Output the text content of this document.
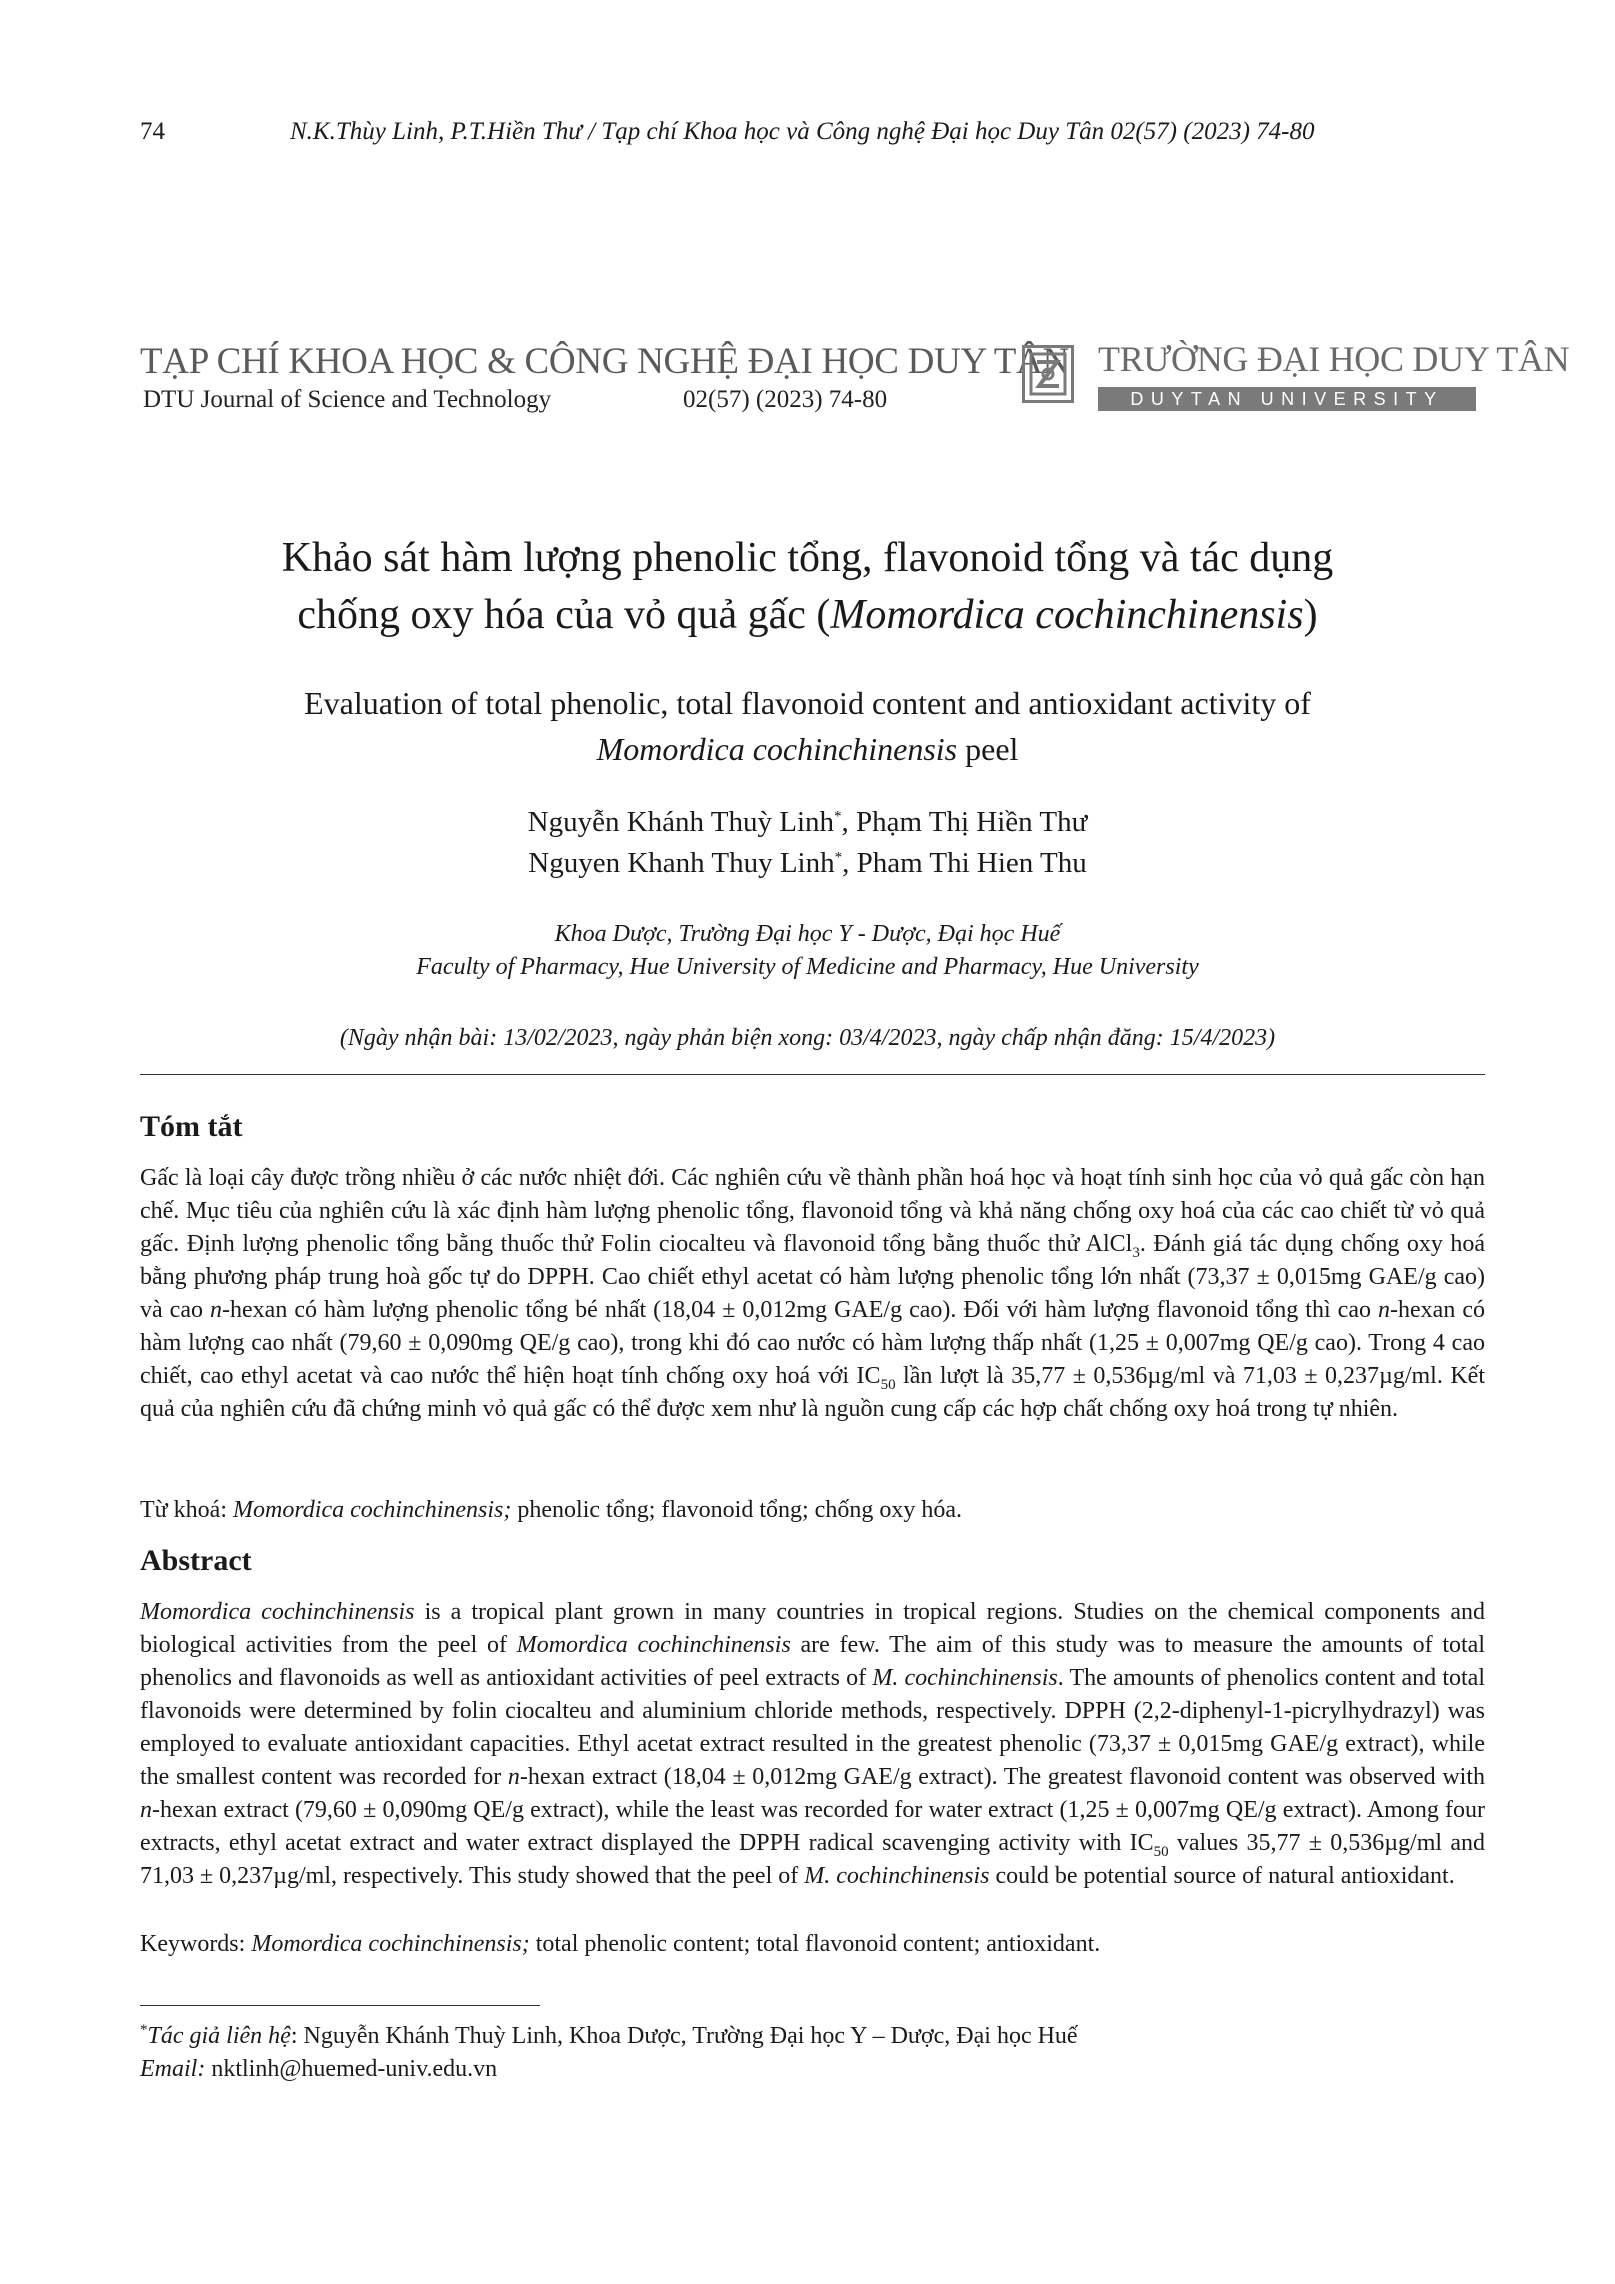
74	N.K.Thùy Linh, P.T.Hiền Thư / Tạp chí Khoa học và Công nghệ Đại học Duy Tân 02(57) (2023) 74-80
TẠP CHÍ KHOA HỌC & CÔNG NGHỆ ĐẠI HỌC DUY TÂN
DTU Journal of Science and Technology	02(57) (2023) 74-80
TRƯỜNG ĐẠI HỌC DUY TÂN
DUYTAN UNIVERSITY
Khảo sát hàm lượng phenolic tổng, flavonoid tổng và tác dụng
chống oxy hóa của vỏ quả gấc (Momordica cochinchinensis)
Evaluation of total phenolic, total flavonoid content and antioxidant activity of
Momordica cochinchinensis peel
Nguyễn Khánh Thuỳ Linh*, Phạm Thị Hiền Thư
Nguyen Khanh Thuy Linh*, Pham Thi Hien Thu
Khoa Dược, Trường Đại học Y - Dược, Đại học Huế
Faculty of Pharmacy, Hue University of Medicine and Pharmacy, Hue University
(Ngày nhận bài: 13/02/2023, ngày phản biện xong: 03/4/2023, ngày chấp nhận đăng: 15/4/2023)
Tóm tắt

Gấc là loại cây được trồng nhiều ở các nước nhiệt đới. Các nghiên cứu về thành phần hoá học và hoạt tính sinh học của vỏ quả gấc còn hạn chế. Mục tiêu của nghiên cứu là xác định hàm lượng phenolic tổng, flavonoid tổng và khả năng chống oxy hoá của các cao chiết từ vỏ quả gấc. Định lượng phenolic tổng bằng thuốc thử Folin ciocalteu và flavonoid tổng bằng thuốc thử AlCl$_3$. Đánh giá tác dụng chống oxy hoá bằng phương pháp trung hoà gốc tự do DPPH. Cao chiết ethyl acetat có hàm lượng phenolic tổng lớn nhất (73,37 ± 0,015mg GAE/g cao) và cao n-hexan có hàm lượng phenolic tổng bé nhất (18,04 ± 0,012mg GAE/g cao). Đối với hàm lượng flavonoid tổng thì cao n-hexan có hàm lượng cao nhất (79,60 ± 0,090mg QE/g cao), trong khi đó cao nước có hàm lượng thấp nhất (1,25 ± 0,007mg QE/g cao). Trong 4 cao chiết, cao ethyl acetat và cao nước thể hiện hoạt tính chống oxy hoá với $IC_{50}$ lần lượt là 35,77 ± 0,536µg/ml và 71,03 ± 0,237µg/ml. Kết quả của nghiên cứu đã chứng minh vỏ quả gấc có thể được xem như là nguồn cung cấp các hợp chất chống oxy hoá trong tự nhiên.

Từ khoá: Momordica cochinchinensis; phenolic tổng; flavonoid tổng; chống oxy hóa.
Abstract

Momordica cochinchinensis is a tropical plant grown in many countries in tropical regions. Studies on the chemical components and biological activities from the peel of Momordica cochinchinensis are few. The aim of this study was to measure the amounts of total phenolics and flavonoids as well as antioxidant activities of peel extracts of M. cochinchinensis. The amounts of phenolics content and total flavonoids were determined by folin ciocalteu and aluminium chloride methods, respectively. DPPH (2,2-diphenyl-1-picrylhydrazyl) was employed to evaluate antioxidant capacities. Ethyl acetat extract resulted in the greatest phenolic (73,37 ± 0,015mg GAE/g extract), while the smallest content was recorded for n-hexan extract (18,04 ± 0,012mg GAE/g extract). The greatest flavonoid content was observed with n-hexan extract (79,60 ± 0,090mg QE/g extract), while the least was recorded for water extract (1,25 ± 0,007mg QE/g extract). Among four extracts, ethyl acetat extract and water extract displayed the DPPH radical scavenging activity with $IC_{50}$ values 35,77 ± 0,536µg/ml and 71,03 ± 0,237µg/ml, respectively. This study showed that the peel of M. cochinchinensis could be potential source of natural antioxidant.

Keywords: Momordica cochinchinensis; total phenolic content; total flavonoid content; antioxidant.
*Tác giả liên hệ: Nguyễn Khánh Thuỳ Linh, Khoa Dược, Trường Đại học Y – Dược, Đại học Huế
Email: nktlinh@huemed-univ.edu.vn
